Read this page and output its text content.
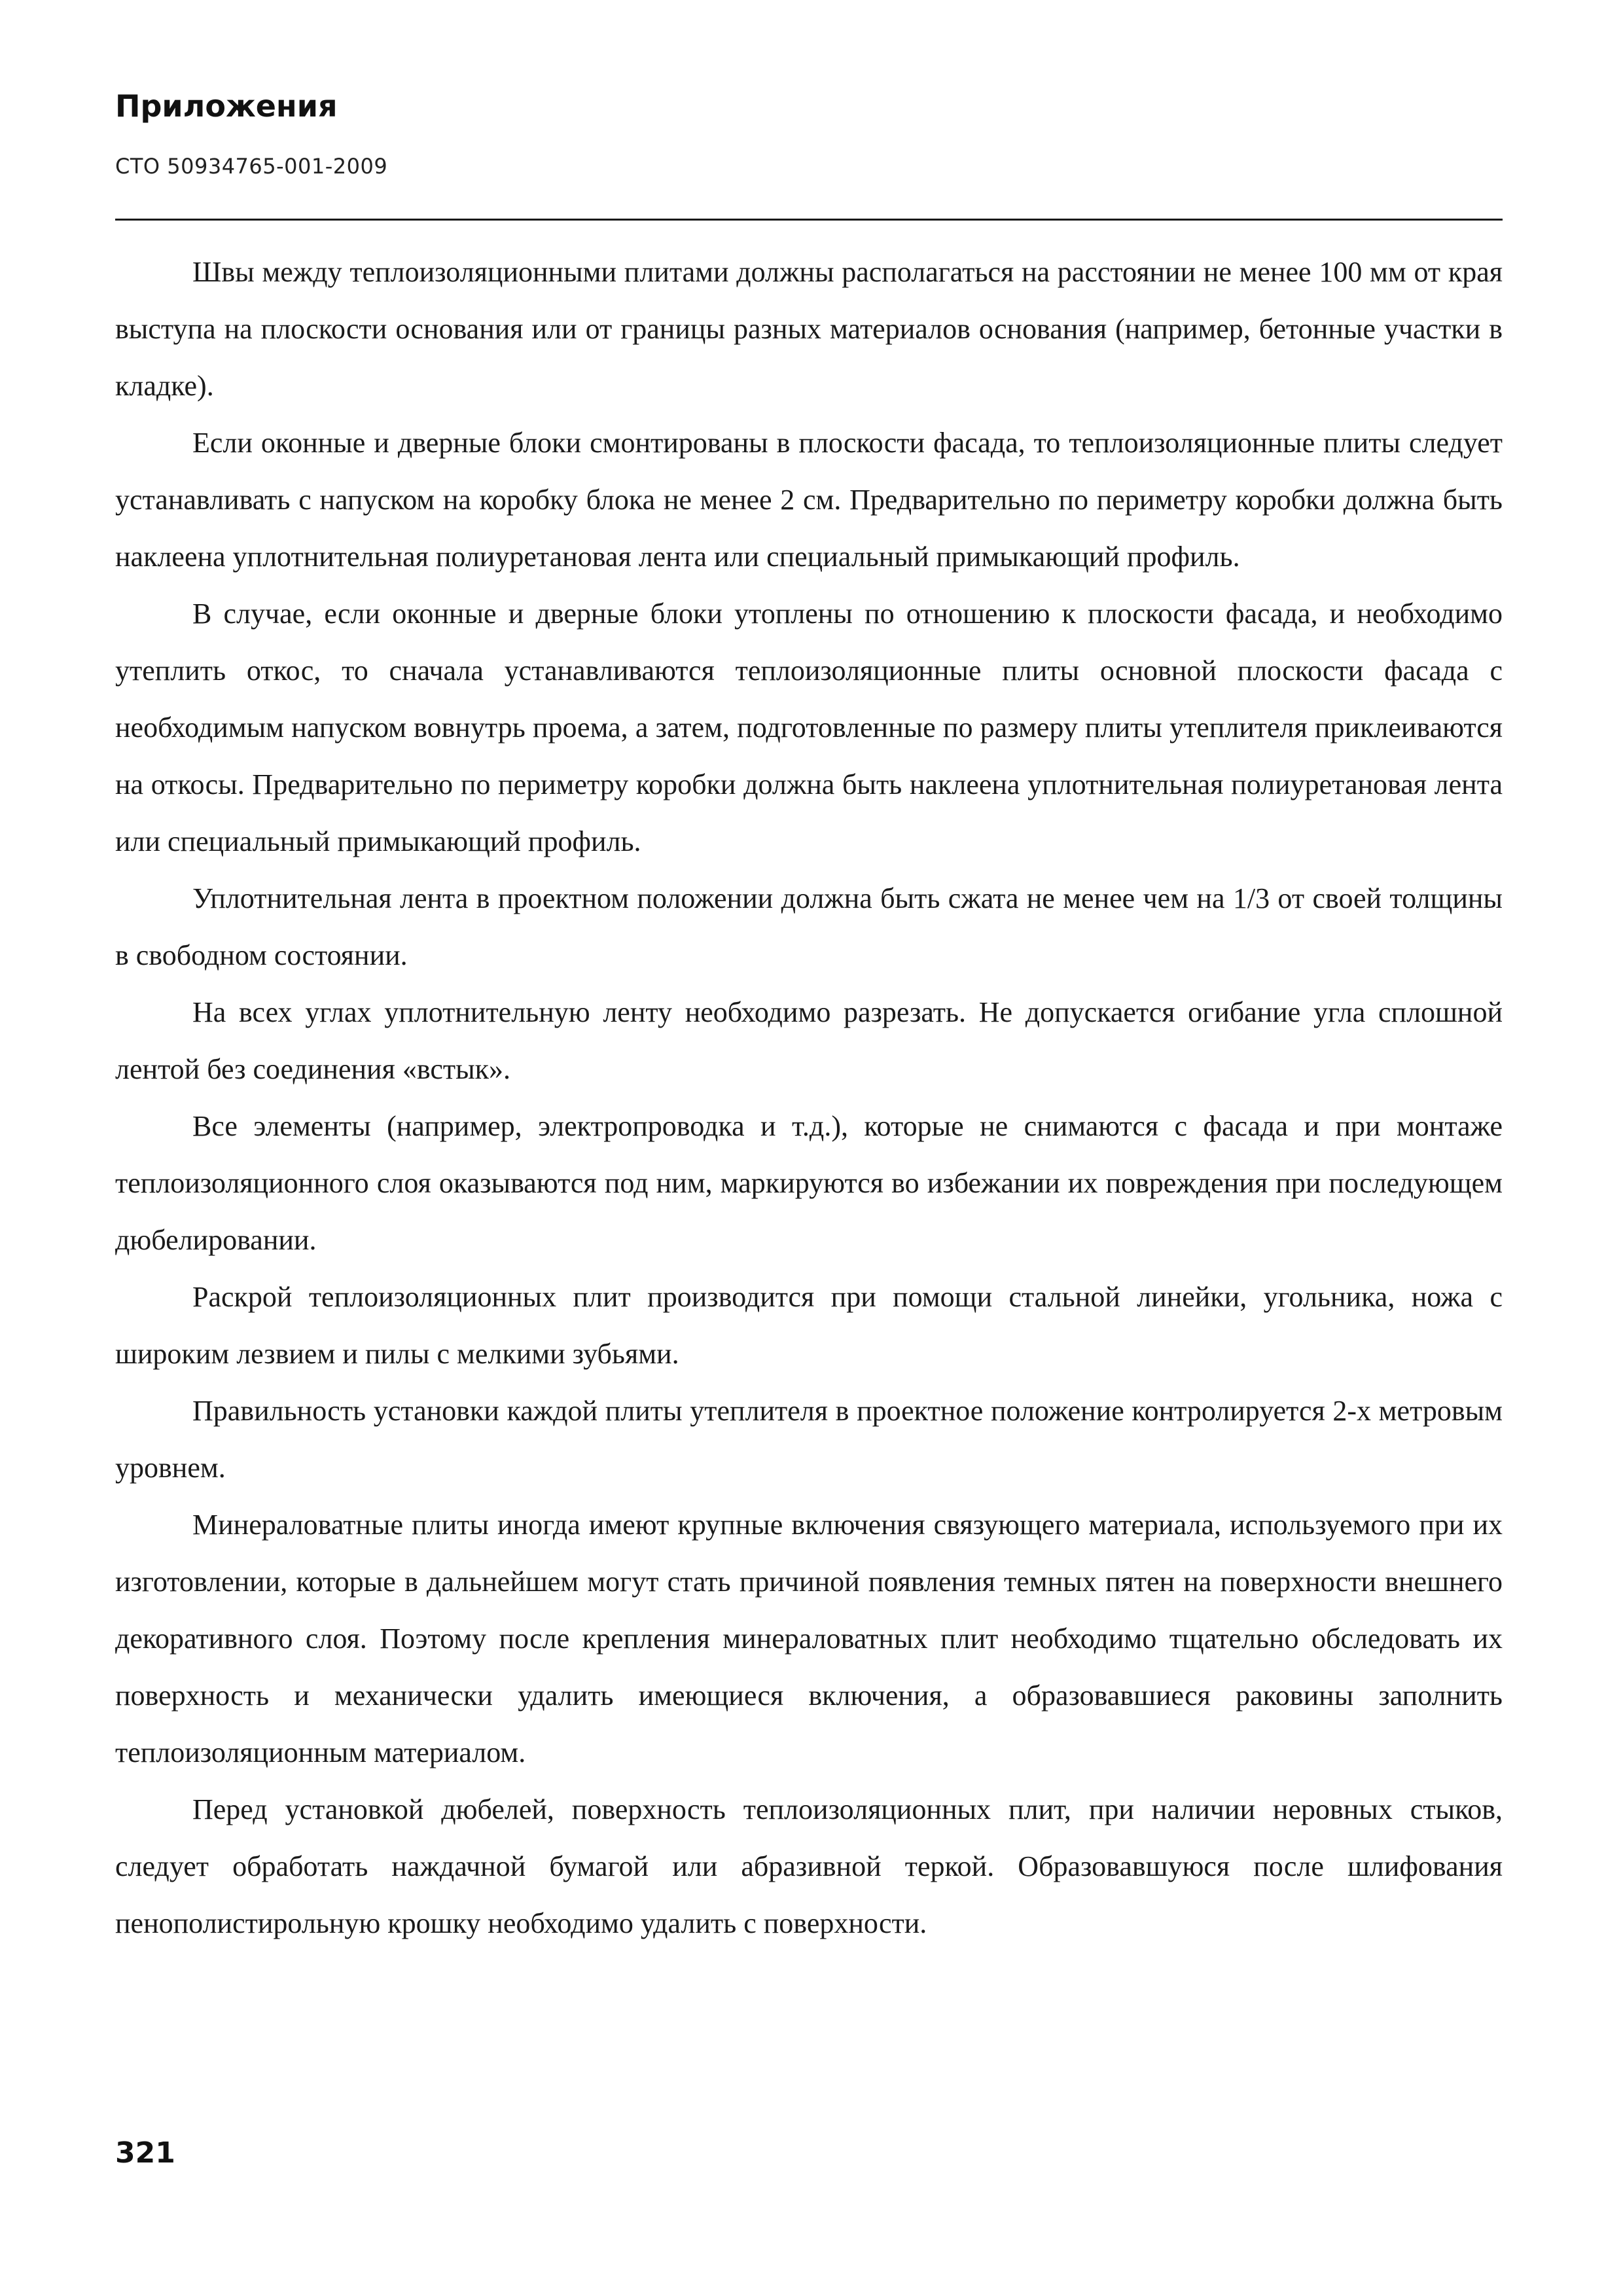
Приложения
СТО 50934765-001-2009

Швы между теплоизоляционными плитами должны располагаться на расстоянии не менее 100 мм от края выступа на плоскости основания или от границы разных материалов основания (например, бетонные участки в кладке).

Если оконные и дверные блоки смонтированы в плоскости фасада, то теплоизоляционные плиты следует устанавливать с напуском на коробку блока не менее 2 см. Предварительно по периметру коробки должна быть наклеена уплотнительная полиуретановая лента или специальный примыкающий профиль.

В случае, если оконные и дверные блоки утоплены по отношению к плоскости фасада, и необходимо утеплить откос, то сначала устанавливаются теплоизоляционные плиты основной плоскости фасада с необходимым напуском вовнутрь проема, а затем, подготовленные по размеру плиты утеплителя приклеиваются на откосы. Предварительно по периметру коробки должна быть наклеена уплотнительная полиуретановая лента или специальный примыкающий профиль.

Уплотнительная лента в проектном положении должна быть сжата не менее чем на 1/3 от своей толщины в свободном состоянии.

На всех углах уплотнительную ленту необходимо разрезать. Не допускается огибание угла сплошной лентой без соединения «встык».

Все элементы (например, электропроводка и т.д.), которые не снимаются с фасада и при монтаже теплоизоляционного слоя оказываются под ним, маркируются во избежании их повреждения при последующем дюбелировании.

Раскрой теплоизоляционных плит производится при помощи стальной линейки, угольника, ножа с широким лезвием и пилы с мелкими зубьями.

Правильность установки каждой плиты утеплителя в проектное положение контролируется 2-х метровым уровнем.

Минераловатные плиты иногда имеют крупные включения связующего материала, используемого при их изготовлении, которые в дальнейшем могут стать причиной появления темных пятен на поверхности внешнего декоративного слоя. Поэтому после крепления минераловатных плит необходимо тщательно обследовать их поверхность и механически удалить имеющиеся включения, а образовавшиеся раковины заполнить теплоизоляционным материалом.

Перед установкой дюбелей, поверхность теплоизоляционных плит, при наличии неровных стыков, следует обработать наждачной бумагой или абразивной теркой. Образовавшуюся после шлифования пенополистирольную крошку необходимо удалить с поверхности.

321
